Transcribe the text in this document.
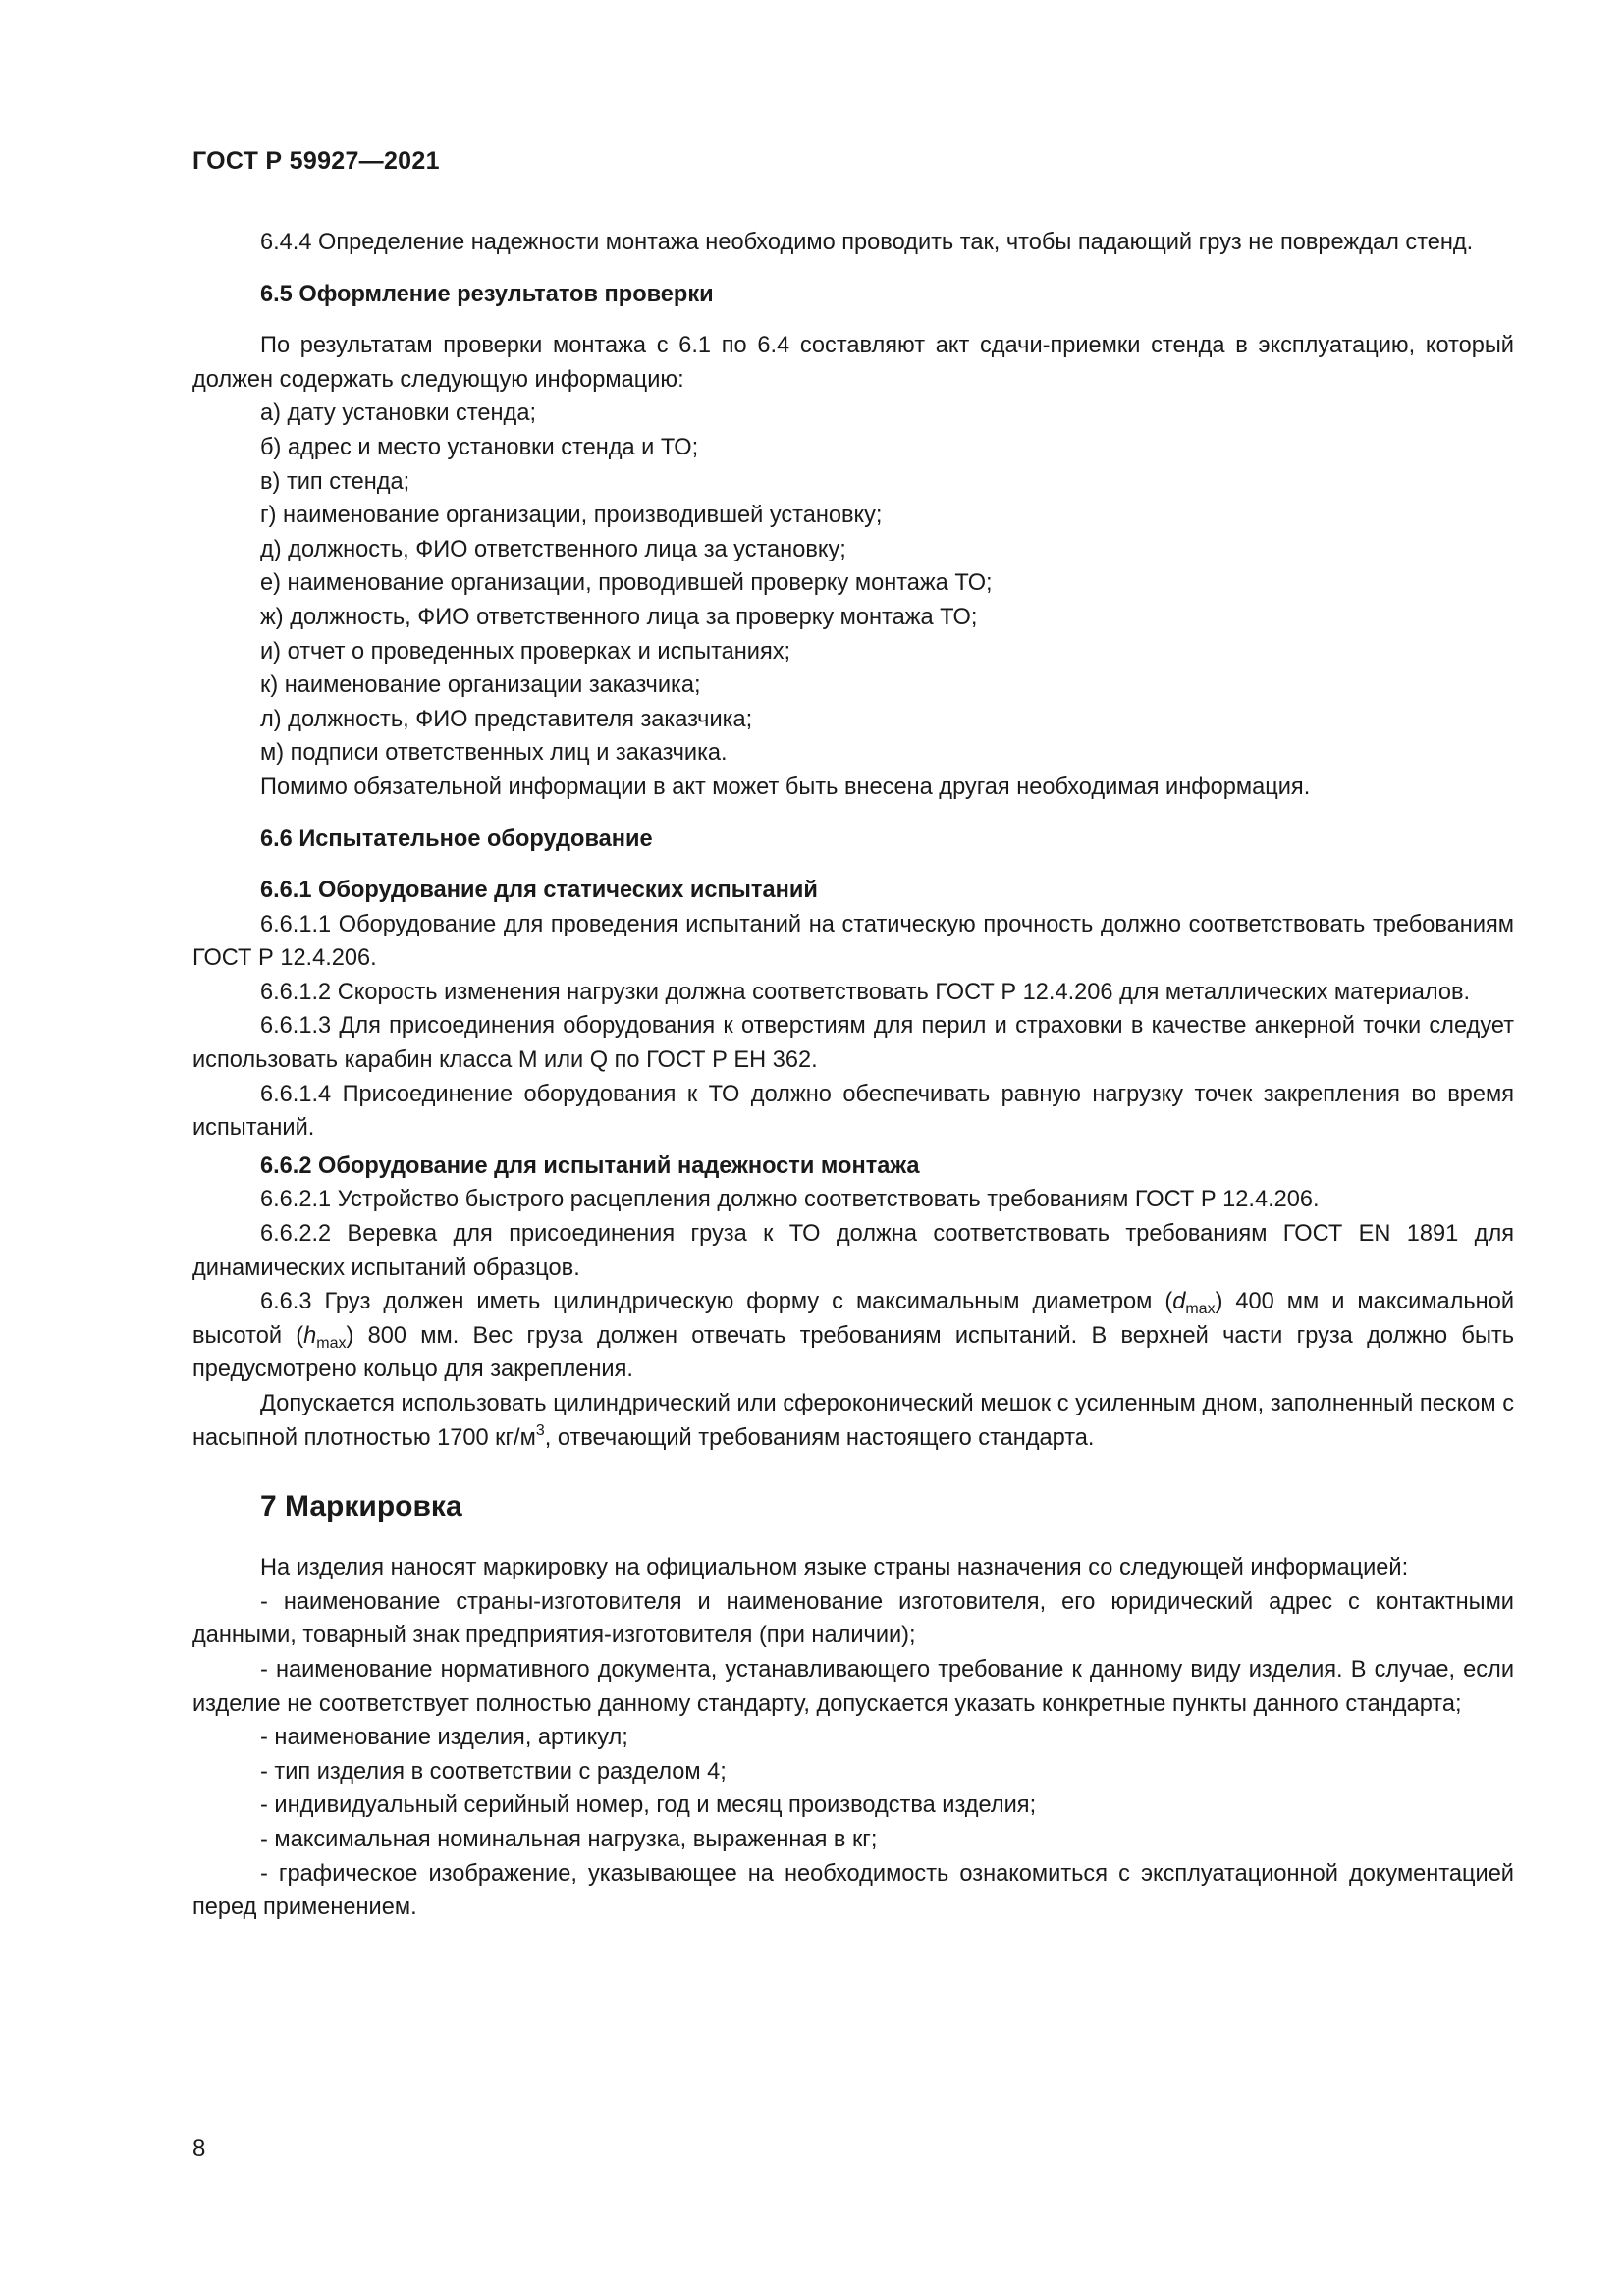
ГОСТ Р 59927—2021

6.4.4 Определение надежности монтажа необходимо проводить так, чтобы падающий груз не повреждал стенд.

6.5 Оформление результатов проверки

По результатам проверки монтажа с 6.1 по 6.4 составляют акт сдачи-приемки стенда в эксплуатацию, который должен содержать следующую информацию:

а) дату установки стенда;
б) адрес и место установки стенда и ТО;
в) тип стенда;
г) наименование организации, производившей установку;
д) должность, ФИО ответственного лица за установку;
е) наименование организации, проводившей проверку монтажа ТО;
ж) должность, ФИО ответственного лица за проверку монтажа ТО;
и) отчет о проведенных проверках и испытаниях;
к) наименование организации заказчика;
л) должность, ФИО представителя заказчика;
м) подписи ответственных лиц и заказчика.
Помимо обязательной информации в акт может быть внесена другая необходимая информация.
6.6 Испытательное оборудование
6.6.1 Оборудование для статических испытаний

6.6.1.1 Оборудование для проведения испытаний на статическую прочность должно соответствовать требованиям ГОСТ Р 12.4.206.

6.6.1.2 Скорость изменения нагрузки должна соответствовать ГОСТ Р 12.4.206 для металлических материалов.

6.6.1.3 Для присоединения оборудования к отверстиям для перил и страховки в качестве анкерной точки следует использовать карабин класса М или Q по ГОСТ Р ЕН 362.

6.6.1.4 Присоединение оборудования к ТО должно обеспечивать равную нагрузку точек закрепления во время испытаний.

6.6.2 Оборудование для испытаний надежности монтажа

6.6.2.1 Устройство быстрого расцепления должно соответствовать требованиям ГОСТ Р 12.4.206.

6.6.2.2 Веревка для присоединения груза к ТО должна соответствовать требованиям ГОСТ EN 1891 для динамических испытаний образцов.

6.6.3 Груз должен иметь цилиндрическую форму с максимальным диаметром $(d_{max})$ 400 мм и максимальной высотой $(h_{max})$ 800 мм. Вес груза должен отвечать требованиям испытаний. В верхней части груза должно быть предусмотрено кольцо для закрепления.

Допускается использовать цилиндрический или сфероконический мешок с усиленным дном, заполненный песком с насыпной плотностью 1700 $кг/м^3$, отвечающий требованиям настоящего стандарта.

7 Маркировка

На изделия наносят маркировку на официальном языке страны назначения со следующей информацией:

- наименование страны-изготовителя и наименование изготовителя, его юридический адрес с контактными данными, товарный знак предприятия-изготовителя (при наличии);

- наименование нормативного документа, устанавливающего требование к данному виду изделия. В случае, если изделие не соответствует полностью данному стандарту, допускается указать конкретные пункты данного стандарта;

- наименование изделия, артикул;

- тип изделия в соответствии с разделом 4;

- индивидуальный серийный номер, год и месяц производства изделия;

- максимальная номинальная нагрузка, выраженная в кг;

- графическое изображение, указывающее на необходимость ознакомиться с эксплуатационной документацией перед применением.

8
